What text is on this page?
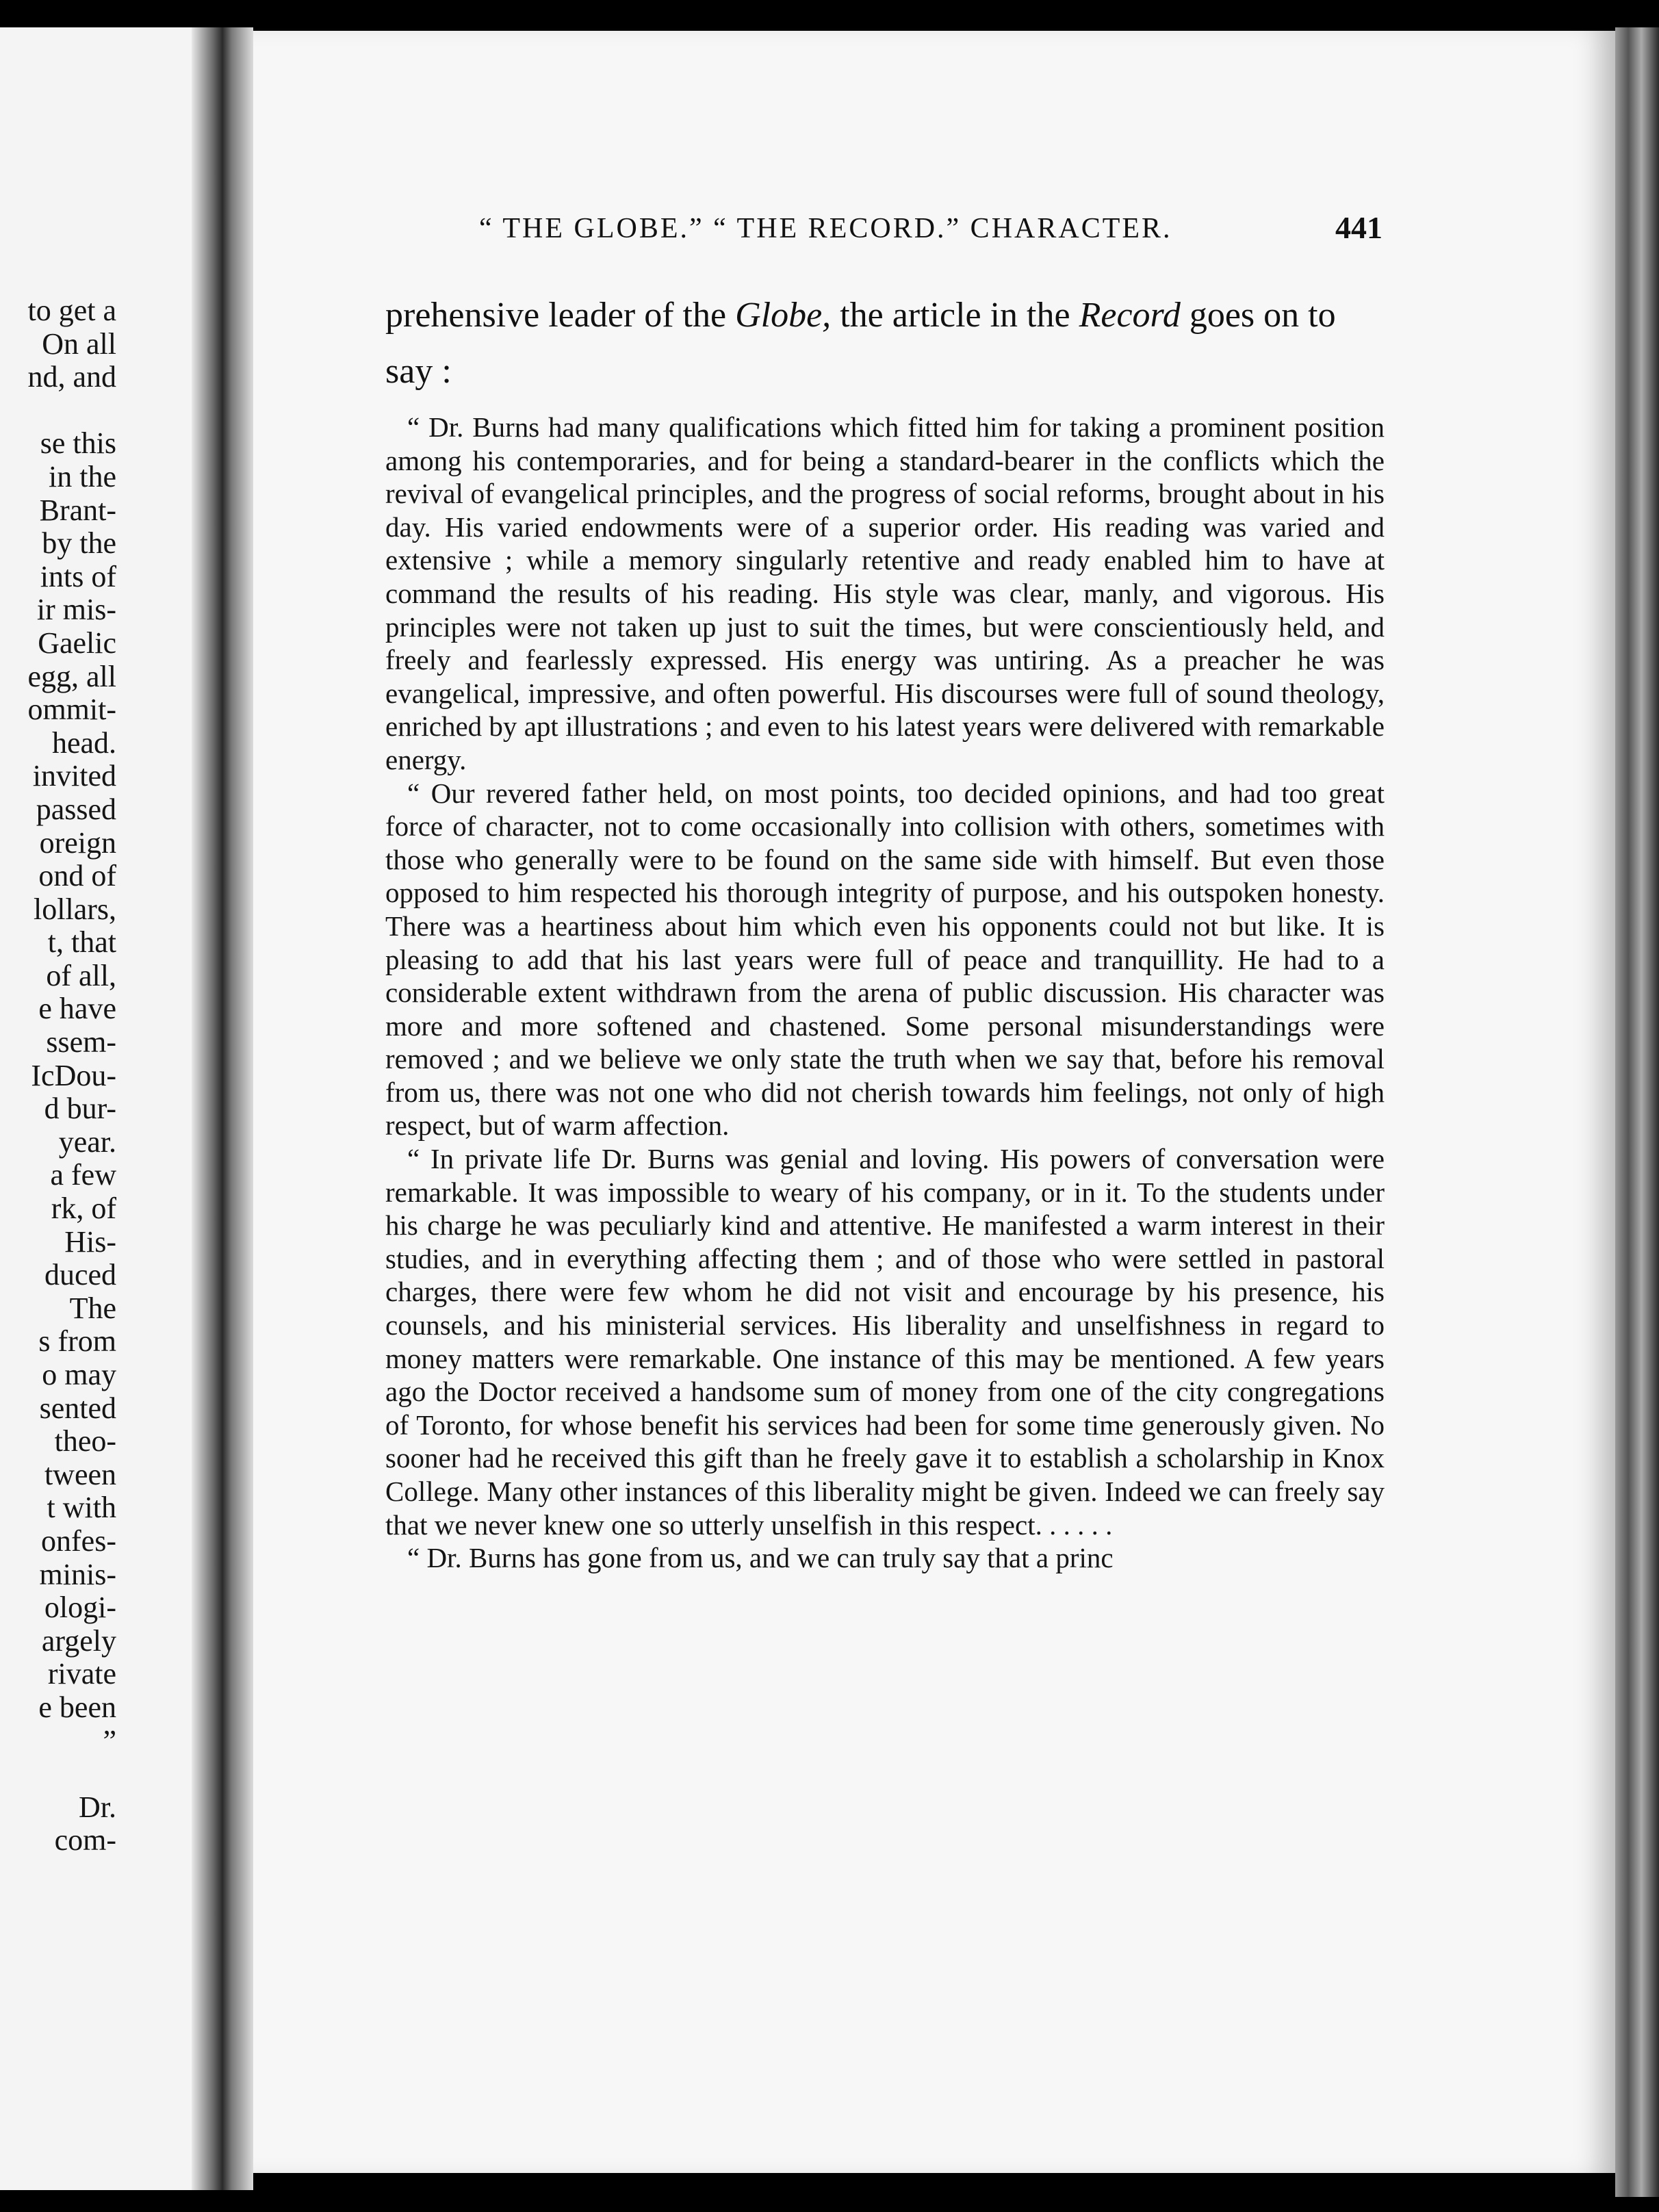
to get a
On all
nd, and

se this
in the
Brant-
by the
ints of
ir mis-
Gaelic
egg, all
ommit-
head.
invited
passed
oreign
ond of
lollars,
t, that
of all,
e have
ssem-
IcDou-
d bur-
year.
a few
rk, of
His-
duced
The
s from
o may
sented
theo-
tween
t with
onfes-
minis-
ologi-
argely
rivate
e been
”

Dr.
com-
“ THE GLOBE.” “ THE RECORD.” CHARACTER.	441
prehensive leader of the Globe, the article in the Record goes on to say :

“ Dr. Burns had many qualifications which fitted him for taking a prominent position among his contemporaries, and for being a standard-bearer in the conflicts which the revival of evangelical principles, and the progress of social reforms, brought about in his day. His varied endowments were of a superior order. His reading was varied and extensive ; while a memory singularly retentive and ready enabled him to have at command the results of his reading. His style was clear, manly, and vigorous. His principles were not taken up just to suit the times, but were conscientiously held, and freely and fearlessly expressed. His energy was untiring. As a preacher he was evangelical, impressive, and often powerful. His discourses were full of sound theology, enriched by apt illustrations ; and even to his latest years were delivered with remarkable energy.

“ Our revered father held, on most points, too decided opinions, and had too great force of character, not to come occasionally into collision with others, sometimes with those who generally were to be found on the same side with himself. But even those opposed to him respected his thorough integrity of purpose, and his outspoken honesty. There was a heartiness about him which even his opponents could not but like. It is pleasing to add that his last years were full of peace and tranquillity. He had to a considerable extent withdrawn from the arena of public discussion. His character was more and more softened and chastened. Some personal misunderstandings were removed ; and we believe we only state the truth when we say that, before his removal from us, there was not one who did not cherish towards him feelings, not only of high respect, but of warm affection.

“ In private life Dr. Burns was genial and loving. His powers of conversation were remarkable. It was impossible to weary of his company, or in it. To the students under his charge he was peculiarly kind and attentive. He manifested a warm interest in their studies, and in everything affecting them ; and of those who were settled in pastoral charges, there were few whom he did not visit and encourage by his presence, his counsels, and his ministerial services. His liberality and unselfishness in regard to money matters were remarkable. One instance of this may be mentioned. A few years ago the Doctor received a handsome sum of money from one of the city congregations of Toronto, for whose benefit his services had been for some time generously given. No sooner had he received this gift than he freely gave it to establish a scholarship in Knox College. Many other instances of this liberality might be given. Indeed we can freely say that we never knew one so utterly unselfish in this respect. . . . . .

“ Dr. Burns has gone from us, and we can truly say that a princ
